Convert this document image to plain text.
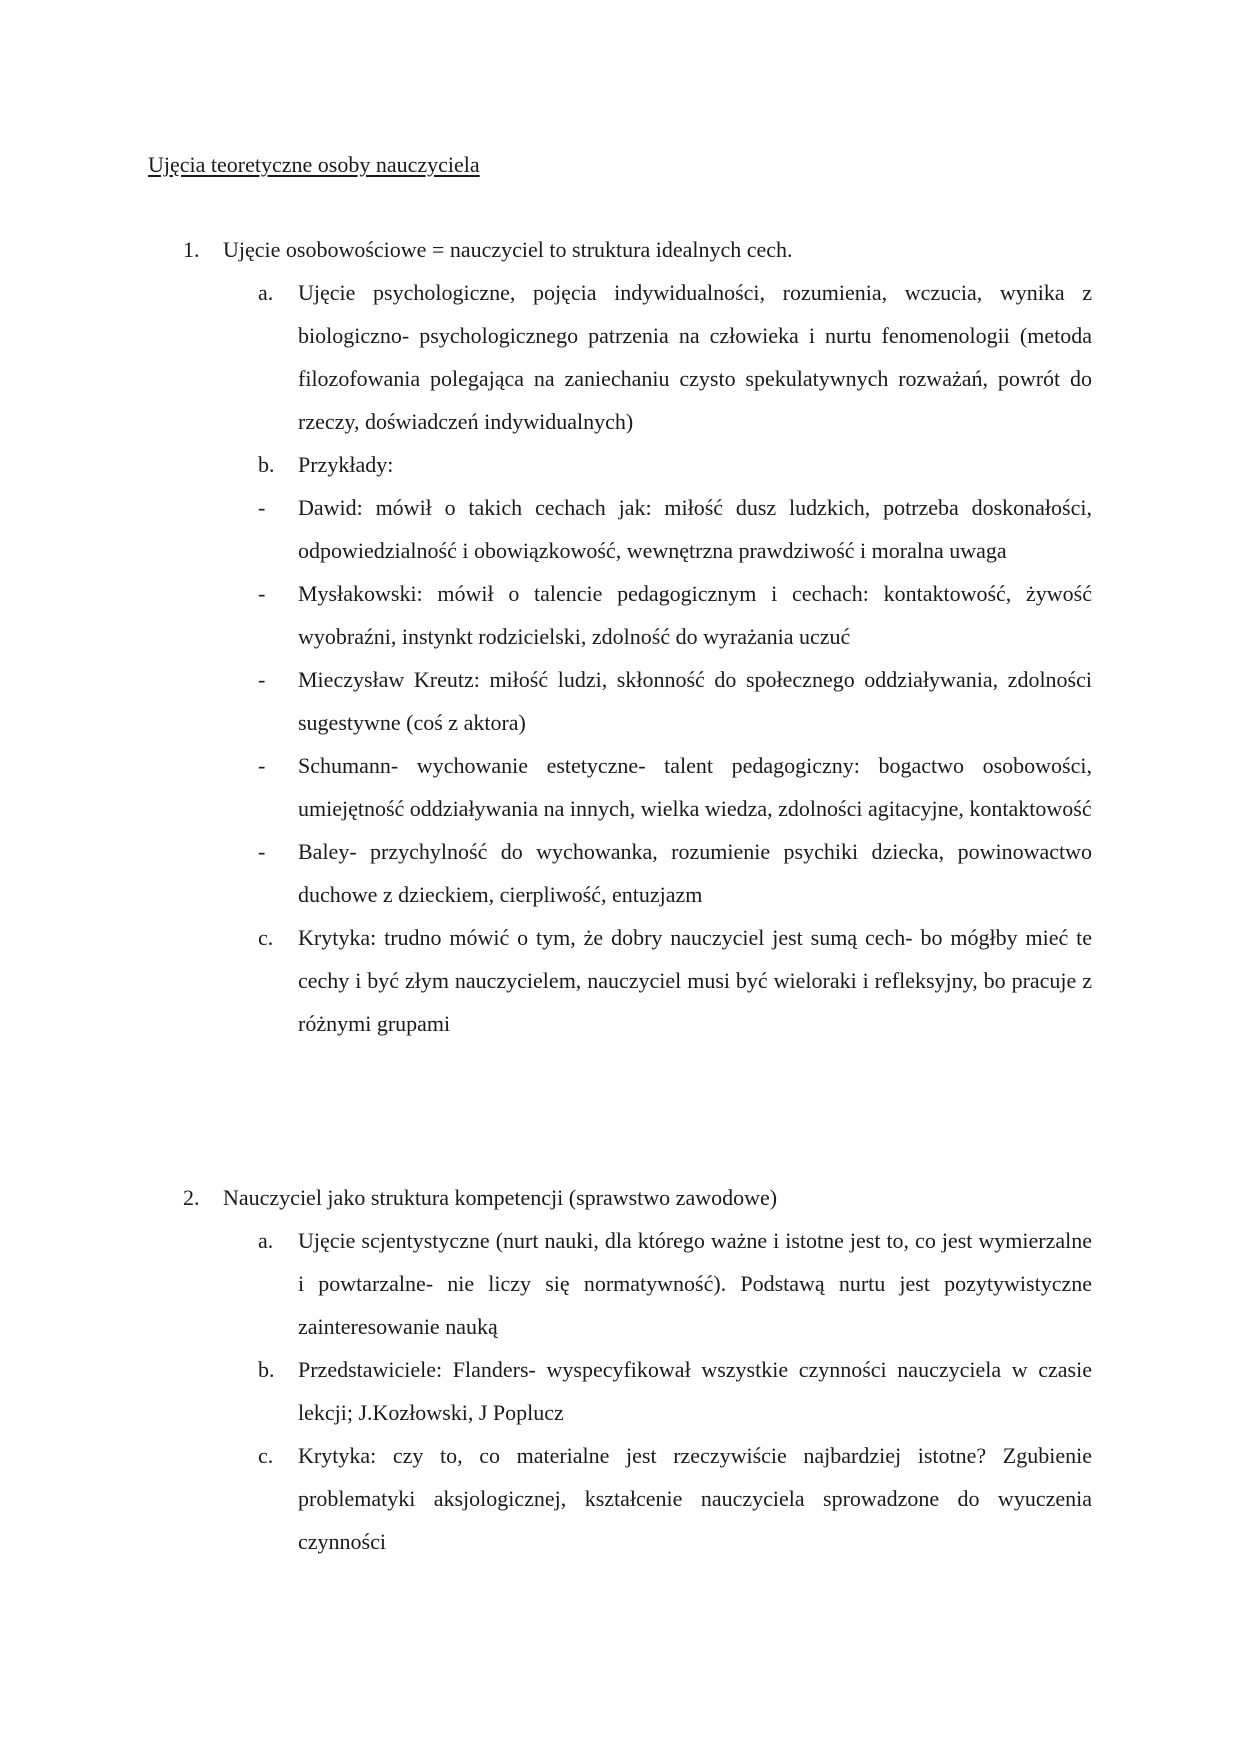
Ujęcia teoretyczne osoby nauczyciela
1. Ujęcie osobowościowe = nauczyciel to struktura idealnych cech.
a. Ujęcie psychologiczne, pojęcia indywidualności, rozumienia, wczucia, wynika z biologiczno- psychologicznego patrzenia na człowieka i nurtu fenomenologii (metoda filozofowania polegająca na zaniechaniu czysto spekulatywnych rozważań, powrót do rzeczy, doświadczeń indywidualnych)
b. Przykłady:
- Dawid: mówił o takich cechach jak: miłość dusz ludzkich, potrzeba doskonałości, odpowiedzialność i obowiązkowość, wewnętrzna prawdziwość i moralna uwaga
- Mysłakowski: mówił o talencie pedagogicznym i cechach: kontaktowość, żywość wyobraźni, instynkt rodzicielski, zdolność do wyrażania uczuć
- Mieczysław Kreutz: miłość ludzi, skłonność do społecznego oddziaływania, zdolności sugestywne (coś z aktora)
- Schumann- wychowanie estetyczne- talent pedagogiczny: bogactwo osobowości, umiejętność oddziaływania na innych, wielka wiedza, zdolności agitacyjne, kontaktowość
- Baley- przychylność do wychowanka, rozumienie psychiki dziecka, powinowactwo duchowe z dzieckiem, cierpliwość, entuzjazm
c. Krytyka: trudno mówić o tym, że dobry nauczyciel jest sumą cech- bo mógłby mieć te cechy i być złym nauczycielem, nauczyciel musi być wieloraki i refleksyjny, bo pracuje z różnymi grupami
2. Nauczyciel jako struktura kompetencji (sprawstwo zawodowe)
a. Ujęcie scjentystyczne (nurt nauki, dla którego ważne i istotne jest to, co jest wymierzalne i powtarzalne- nie liczy się normatywność). Podstawą nurtu jest pozytywistyczne zainteresowanie nauką
b. Przedstawiciele: Flanders- wyspecyfikował wszystkie czynności nauczyciela w czasie lekcji; J.Kozłowski, J Poplucz
c. Krytyka: czy to, co materialne jest rzeczywiście najbardziej istotne? Zgubienie problematyki aksjologicznej, kształcenie nauczyciela sprowadzone do wyuczenia czynności
